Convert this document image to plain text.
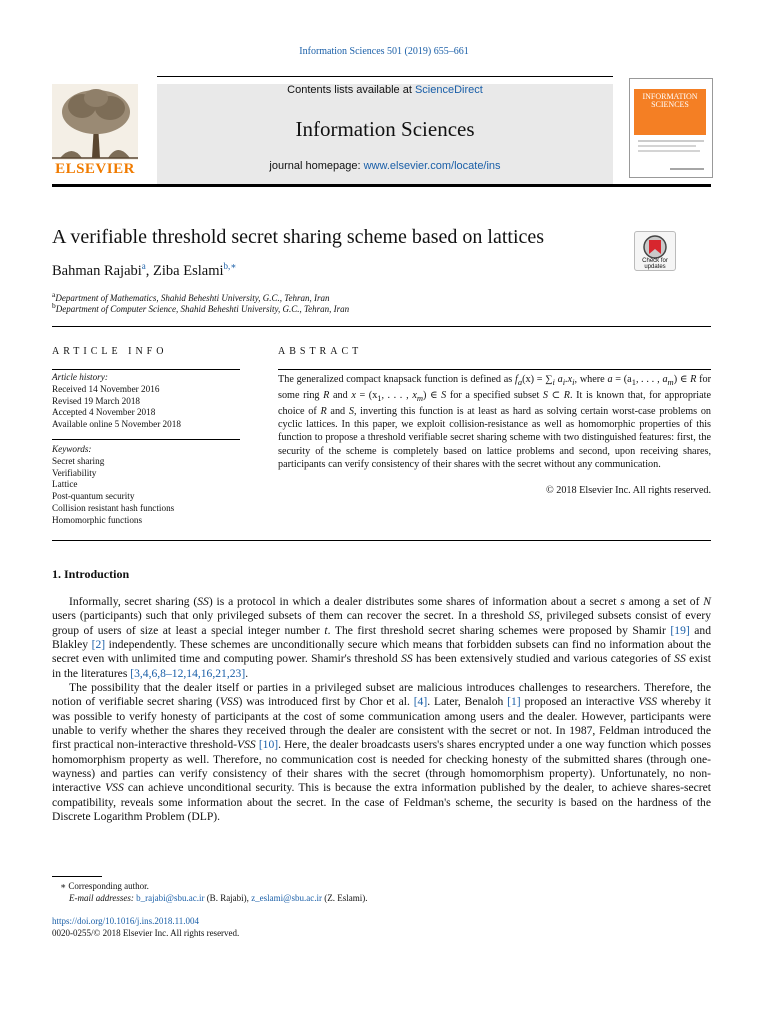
Information Sciences 501 (2019) 655–661
Contents lists available at ScienceDirect
Information Sciences
journal homepage: www.elsevier.com/locate/ins
ELSEVIER
INFORMATION SCIENCES
A verifiable threshold secret sharing scheme based on lattices
Check for updates
Bahman Rajabi$^a$, Ziba Eslami$^{b,∗}$
$^a$Department of Mathematics, Shahid Beheshti University, G.C., Tehran, Iran
$^b$Department of Computer Science, Shahid Beheshti University, G.C., Tehran, Iran
ARTICLE INFO
Article history:
Received 14 November 2016
Revised 19 March 2018
Accepted 4 November 2018
Available online 5 November 2018
Keywords:
Secret sharing
Verifiability
Lattice
Post-quantum security
Collision resistant hash functions
Homomorphic functions
ABSTRACT
The generalized compact knapsack function is defined as $f_a(x) = \sum_i$ $a_i.x_i$, where $a = (a_1$, . . . , $a_m$) ∈ R for some ring R and $x = (x_1$, . . . , $x_m$) ∈ S for a specified subset S ⊂ R. It is known that, for appropriate choice of R and S, inverting this function is at least as hard as solving certain worst-case problems on cyclic lattices. In this paper, we exploit collision-resistance as well as homomorphic properties of this function to propose a threshold verifiable secret sharing scheme with two distinguished features: first, the security of the scheme is completely based on lattice problems and second, upon receiving shares, participants can verify consistency of their shares with the secret without any communication.
© 2018 Elsevier Inc. All rights reserved.
1. Introduction

Informally, secret sharing (SS) is a protocol in which a dealer distributes some shares of information about a secret s among a set of N users (participants) such that only privileged subsets of them can recover the secret. In a threshold SS, privileged subsets consist of every group of users of size at least a special integer number t. The first threshold secret sharing schemes were proposed by Shamir [19] and Blakley [2] independently. These schemes are unconditionally secure which means that forbidden subsets can find no information about the secret even with unlimited time and computing power. Shamir's threshold SS has been extensively studied and various categories of SS exist in the literatures [3,4,6,8–12,14,16,21,23].

The possibility that the dealer itself or parties in a privileged subset are malicious introduces challenges to researchers. Therefore, the notion of verifiable secret sharing (VSS) was introduced first by Chor et al. [4]. Later, Benaloh [1] proposed an interactive VSS whereby it was possible to verify honesty of participants at the cost of some communication among users and the dealer. However, participants were unable to verify whether the shares they received through the dealer are consistent with the secret or not. In 1987, Feldman introduced the first practical non-interactive threshold-VSS [10]. Here, the dealer broadcasts users's shares encrypted under a one way function which posses homomorphism property as well. Therefore, no communication cost is needed for checking honesty of the submitted shares (through one-wayness) and parties can verify consistency of their shares with the secret (through homomorphism property). Unfortunately, no non-interactive VSS can achieve unconditional security. This is because the extra information published by the dealer, to achieve shares-secret compatibility, reveals some information about the secret. In the case of Feldman's scheme, the security is based on the hardness of the Discrete Logarithm Problem (DLP).

∗ Corresponding author.
E-mail addresses: b_rajabi@sbu.ac.ir (B. Rajabi), z_eslami@sbu.ac.ir (Z. Eslami).
https://doi.org/10.1016/j.ins.2018.11.004
0020-0255/© 2018 Elsevier Inc. All rights reserved.
